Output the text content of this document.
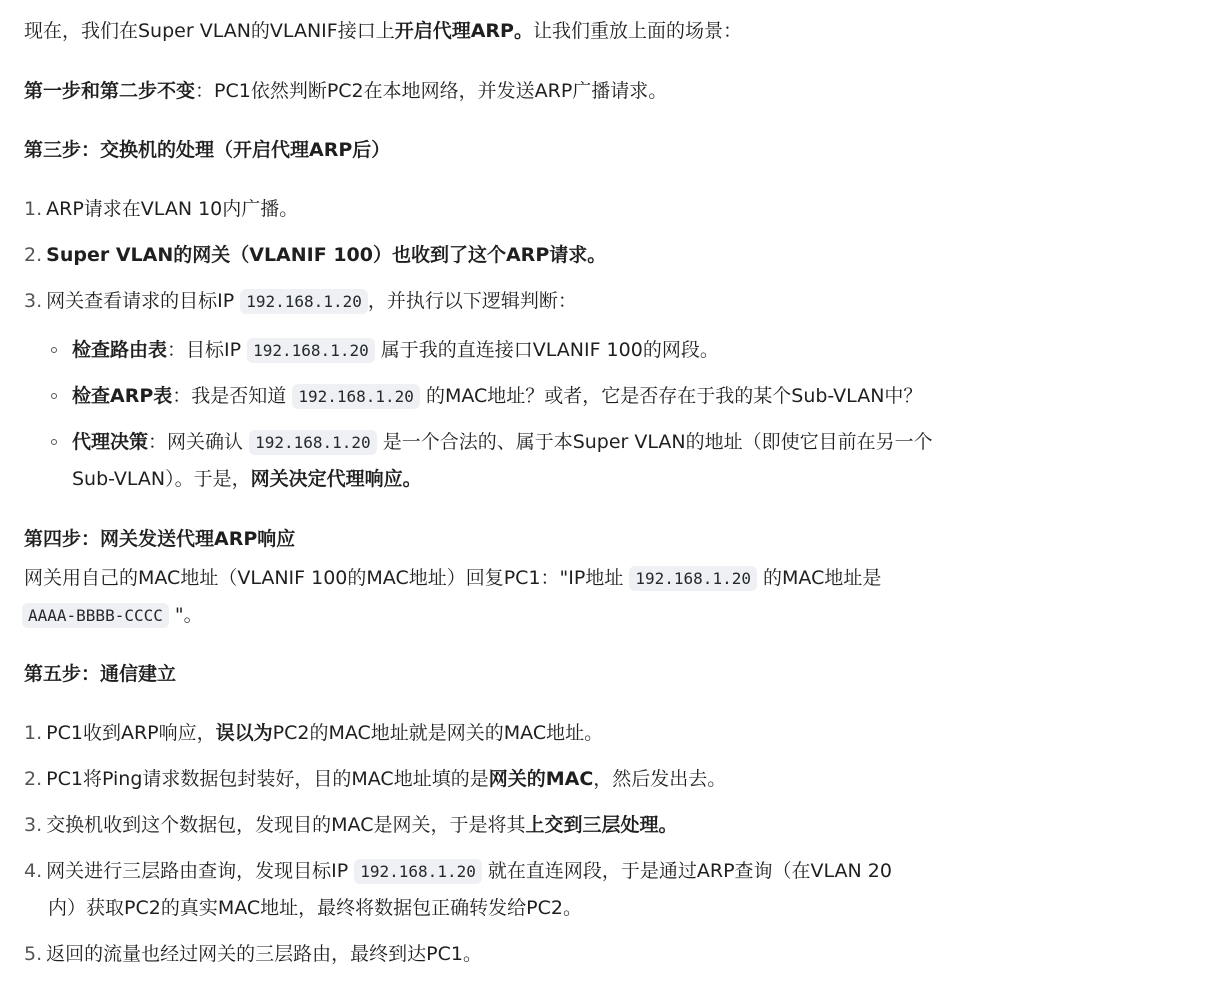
现在，我们在Super VLAN的VLANIF接口上开启代理ARP。让我们重放上面的场景：
第一步和第二步不变：PC1依然判断PC2在本地网络，并发送ARP广播请求。
第三步：交换机的处理（开启代理ARP后）
1. ARP请求在VLAN 10内广播。
2. Super VLAN的网关（VLANIF 100）也收到了这个ARP请求。
3. 网关查看请求的目标IP 192.168.1.20 ，并执行以下逻辑判断：
检查路由表：目标IP 192.168.1.20 属于我的直连接口VLANIF 100的网段。
检查ARP表：我是否知道 192.168.1.20 的MAC地址？或者，它是否存在于我的某个Sub-VLAN中？
代理决策：网关确认 192.168.1.20 是一个合法的、属于本Super VLAN的地址（即使它目前在另一个
Sub-VLAN）。于是，网关决定代理响应。
第四步：网关发送代理ARP响应
网关用自己的MAC地址（VLANIF 100的MAC地址）回复PC1："IP地址 192.168.1.20 的MAC地址是
AAAA-BBBB-CCCC "。
第五步：通信建立
1. PC1收到ARP响应，误以为PC2的MAC地址就是网关的MAC地址。
2. PC1将Ping请求数据包封装好，目的MAC地址填的是网关的MAC，然后发出去。
3. 交换机收到这个数据包，发现目的MAC是网关，于是将其上交到三层处理。
4. 网关进行三层路由查询，发现目标IP 192.168.1.20 就在直连网段，于是通过ARP查询（在VLAN 20
内）获取PC2的真实MAC地址，最终将数据包正确转发给PC2。
5. 返回的流量也经过网关的三层路由，最终到达PC1。
